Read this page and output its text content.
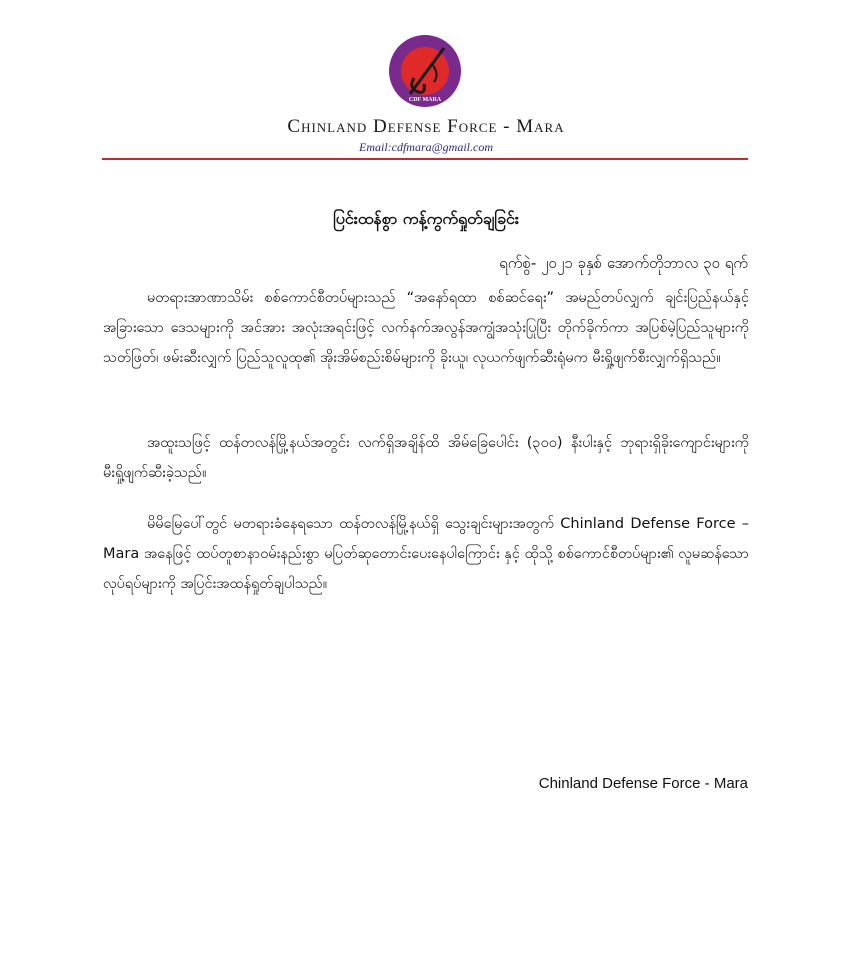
CDF MARA
Chinland Defense Force - Mara
Email:cdfmara@gmail.com
ပြင်းထန်စွာ ကန့်ကွက်ရှုတ်ချခြင်း
ရက်စွဲ- ၂၀၂၁ ခုနှစ် အောက်တိုဘာလ ၃၀ ရက်
မတရားအာဏာသိမ်း စစ်ကောင်စီတပ်များသည် “အနော်ရထာ စစ်ဆင်ရေး” အမည်တပ်လျှက် ချင်းပြည်နယ်နှင့် အခြားသော ဒေသများကို အင်အား အလုံးအရင်းဖြင့် လက်နက်အလွန်အကျွံအသုံးပြုပြီး တိုက်ခိုက်ကာ အပြစ်မဲ့ပြည်သူများကို သတ်ဖြတ်၊ ဖမ်းဆီးလျှက် ပြည်သူလူထု၏ အိုးအိမ်စည်းစိမ်များကို ခိုးယူ၊ လုယက်ဖျက်ဆီးရုံမက မီးရှို့ဖျက်စီးလျှက်ရှိသည်။
အထူးသဖြင့် ထန်တလန်မြို့နယ်အတွင်း လက်ရှိအချိန်ထိ အိမ်ခြေပေါင်း (၃၀၀) နီးပါးနှင့် ဘုရားရှိခိုးကျောင်းများကို မီးရှို့ဖျက်ဆီးခဲ့သည်။
မိမိမြေပေါ်တွင် မတရားခံနေရသော ထန်တလန်မြို့နယ်ရှိ သွေးချင်းများအတွက် Chinland Defense Force – Mara အနေဖြင့် ထပ်တူစာနာဝမ်းနည်းစွာ မပြတ်ဆုတောင်းပေးနေပါကြောင်း နှင့် ထိုသို့ စစ်ကောင်စီတပ်များ၏ လူမဆန်သော လုပ်ရပ်များကို အပြင်းအထန်ရှုတ်ချပါသည်။
Chinland Defense Force - Mara
